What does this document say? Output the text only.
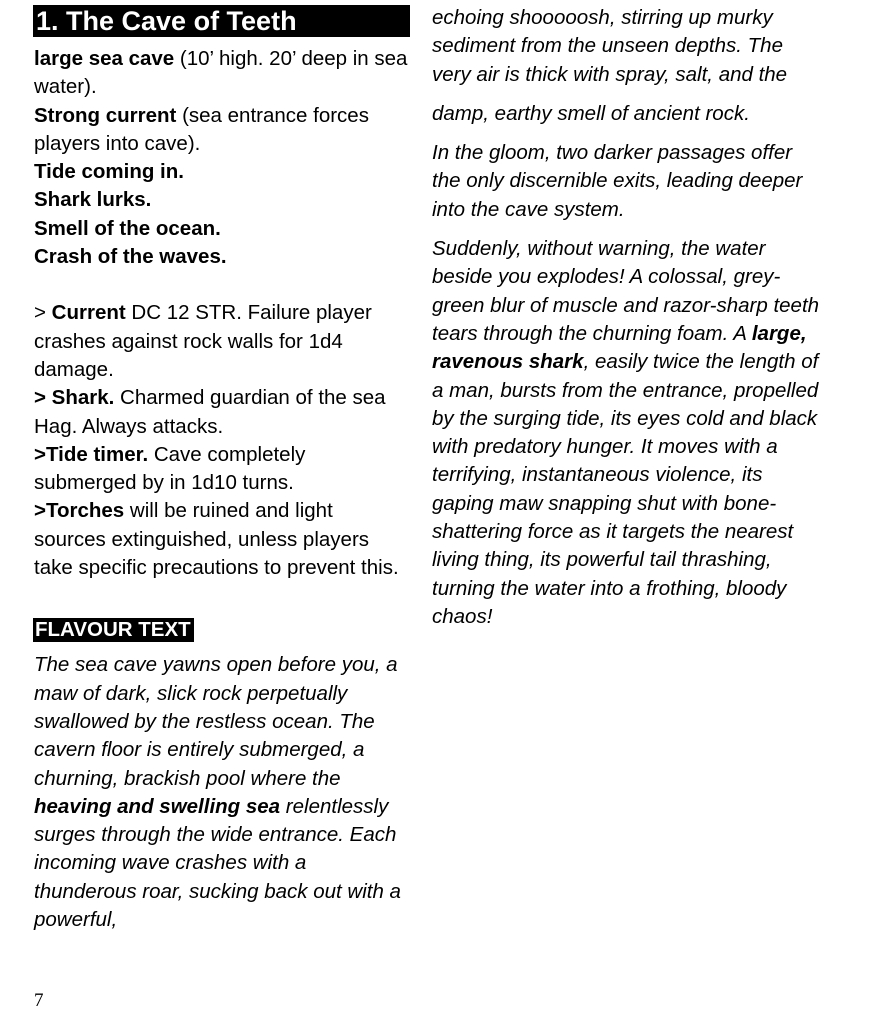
1. The Cave of Teeth

large sea cave (10’ high. 20’ deep in sea water).

Strong current (sea entrance forces players into cave).

Tide coming in.

Shark lurks.

Smell of the ocean.

Crash of the waves.

> Current DC 12 STR. Failure player crashes against rock walls for 1d4 damage.

> Shark. Charmed guardian of the sea Hag. Always attacks.

>Tide timer. Cave completely submerged by in 1d10 turns.

>Torches will be ruined and light sources extinguished, unless players take specific precautions to prevent this.

FLAVOUR TEXT

The sea cave yawns open before you, a maw of dark, slick rock perpetually swallowed by the restless ocean. The cavern floor is entirely submerged, a churning, brackish pool where the heaving and swelling sea relentlessly surges through the wide entrance. Each incoming wave crashes with a thunderous roar, sucking back out with a powerful,

echoing shooooosh, stirring up murky sediment from the unseen depths. The very air is thick with spray, salt, and the

damp, earthy smell of ancient rock.

In the gloom, two darker passages offer the only discernible exits, leading deeper into the cave system.

Suddenly, without warning, the water beside you explodes! A colossal, grey-green blur of muscle and razor-sharp teeth tears through the churning foam. A large, ravenous shark, easily twice the length of a man, bursts from the entrance, propelled by the surging tide, its eyes cold and black with predatory hunger. It moves with a terrifying, instantaneous violence, its gaping maw snapping shut with bone-shattering force as it targets the nearest living thing, its powerful tail thrashing, turning the water into a frothing, bloody chaos!

7
